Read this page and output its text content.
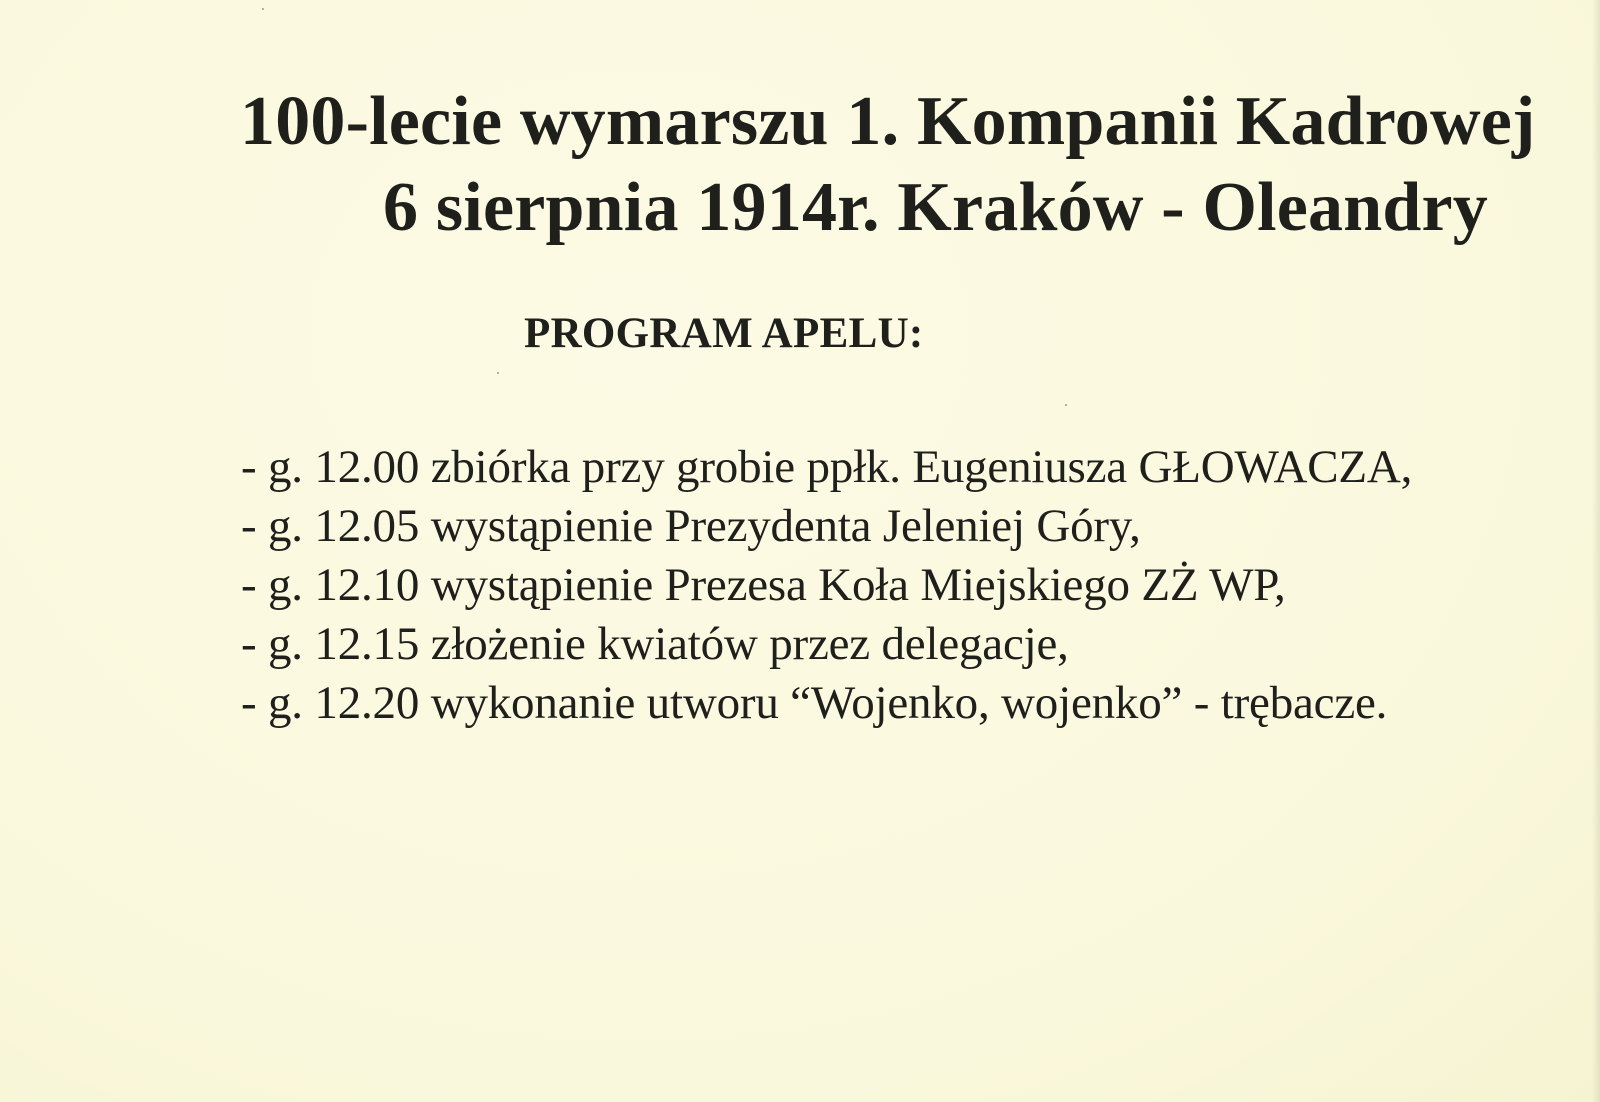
100-lecie wymarszu 1. Kompanii Kadrowej
6 sierpnia 1914r. Kraków - Oleandry
PROGRAM APELU:
- g. 12.00 zbiórka przy grobie ppłk. Eugeniusza GŁOWACZA,
- g. 12.05 wystąpienie Prezydenta Jeleniej Góry,
- g. 12.10 wystąpienie Prezesa Koła Miejskiego ZŻ WP,
- g. 12.15 złożenie kwiatów przez delegacje,
- g. 12.20 wykonanie utworu “Wojenko, wojenko” - trębacze.
